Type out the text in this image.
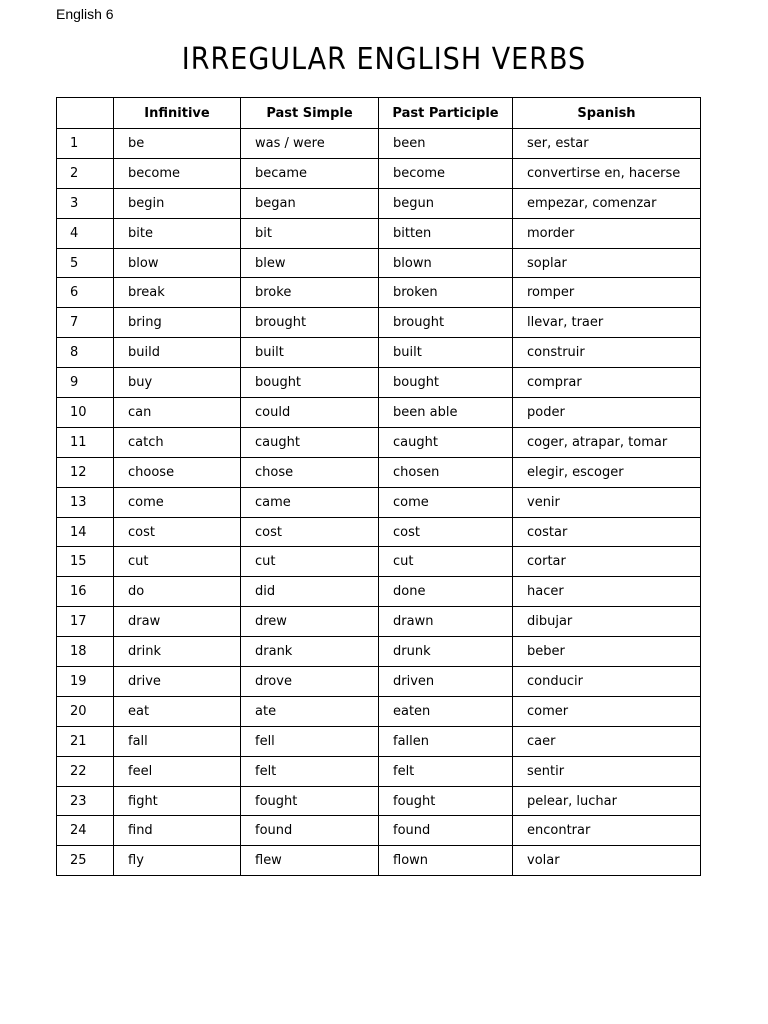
English 6
IRREGULAR ENGLISH VERBS
	Infinitive	Past Simple	Past Participle	Spanish
1	be	was / were	been	ser, estar
2	become	became	become	convertirse en, hacerse
3	begin	began	begun	empezar, comenzar
4	bite	bit	bitten	morder
5	blow	blew	blown	soplar
6	break	broke	broken	romper
7	bring	brought	brought	llevar, traer
8	build	built	built	construir
9	buy	bought	bought	comprar
10	can	could	been able	poder
11	catch	caught	caught	coger, atrapar, tomar
12	choose	chose	chosen	elegir, escoger
13	come	came	come	venir
14	cost	cost	cost	costar
15	cut	cut	cut	cortar
16	do	did	done	hacer
17	draw	drew	drawn	dibujar
18	drink	drank	drunk	beber
19	drive	drove	driven	conducir
20	eat	ate	eaten	comer
21	fall	fell	fallen	caer
22	feel	felt	felt	sentir
23	fight	fought	fought	pelear, luchar
24	find	found	found	encontrar
25	fly	flew	flown	volar
